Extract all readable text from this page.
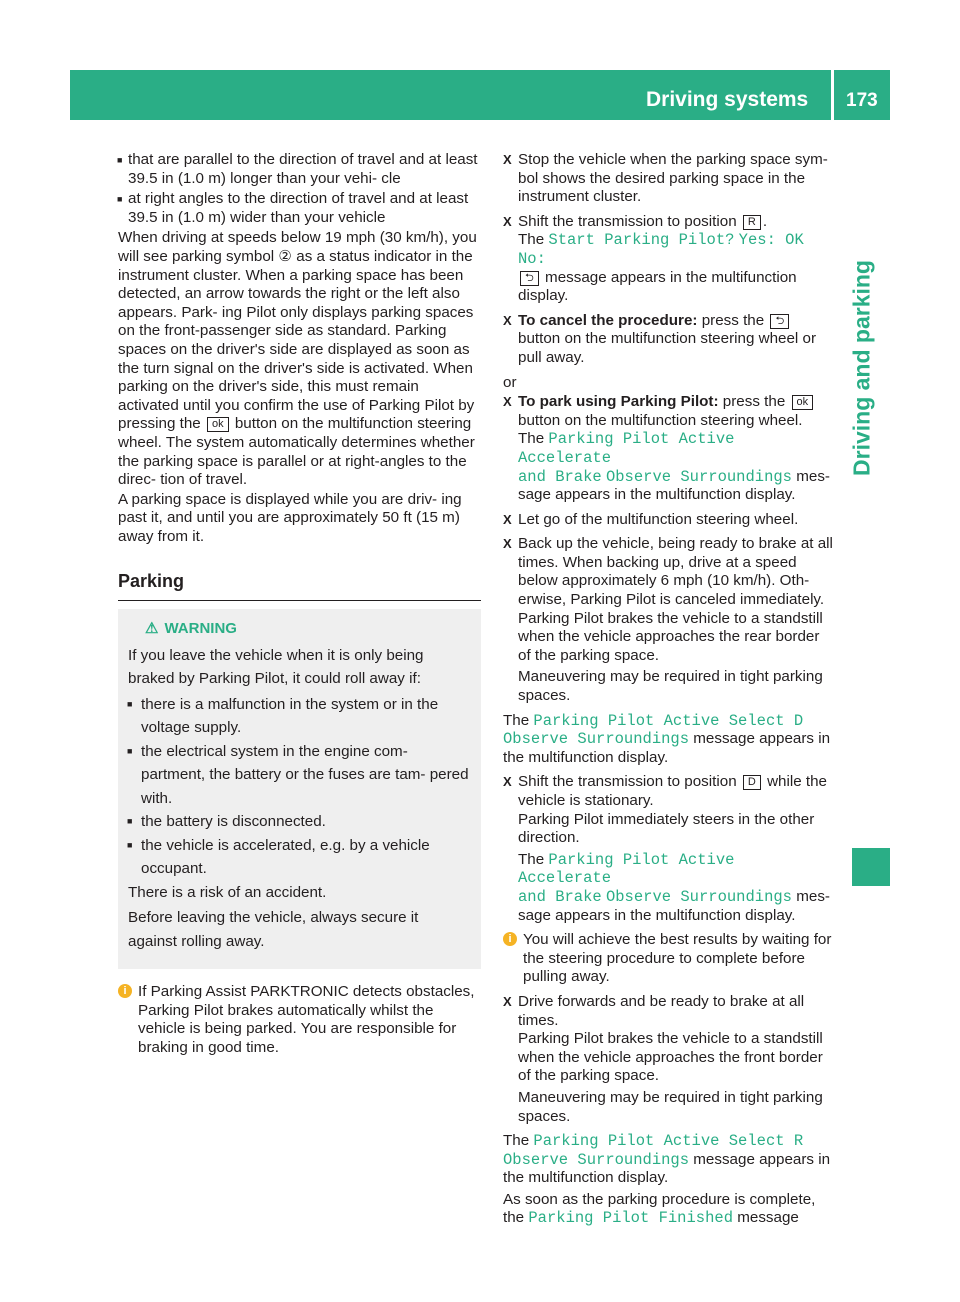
Driving systems 173
Driving and parking
■ that are parallel to the direction of travel and at least 39.5 in (1.0 m) longer than your vehi- cle
■ at right angles to the direction of travel and at least 39.5 in (1.0 m) wider than your vehicle
When driving at speeds below 19 mph (30 km/h), you will see parking symbol ② as a status indicator in the instrument cluster. When a parking space has been detected, an arrow towards the right or the left also appears. Park- ing Pilot only displays parking spaces on the front-passenger side as standard. Parking spaces on the driver's side are displayed as soon as the turn signal on the driver's side is activated. When parking on the driver's side, this must remain activated until you confirm the use of Parking Pilot by pressing the ok button on the multifunction steering wheel. The system automatically determines whether the parking space is parallel or at right-angles to the direc- tion of travel.
A parking space is displayed while you are driv- ing past it, and until you are approximately 50 ft (15 m) away from it.
Parking
⚠ WARNING
If you leave the vehicle when it is only being braked by Parking Pilot, it could roll away if:
■ there is a malfunction in the system or in the voltage supply.
■ the electrical system in the engine com- partment, the battery or the fuses are tam- pered with.
■ the battery is disconnected.
■ the vehicle is accelerated, e.g. by a vehicle occupant.
There is a risk of an accident.
Before leaving the vehicle, always secure it against rolling away.
i If Parking Assist PARKTRONIC detects obstacles, Parking Pilot brakes automatically whilst the vehicle is being parked. You are responsible for braking in good time.
X Stop the vehicle when the parking space sym- bol shows the desired parking space in the instrument cluster.
X Shift the transmission to position R .
The Start Parking Pilot? Yes: OK No:
⮌ message appears in the multifunction display.
X To cancel the procedure: press the ⮌ button on the multifunction steering wheel or pull away.
or
X To park using Parking Pilot: press the ok button on the multifunction steering wheel.
The Parking Pilot Active Accelerate
and Brake Observe Surroundings mes- sage appears in the multifunction display.
X Let go of the multifunction steering wheel.
X Back up the vehicle, being ready to brake at all times. When backing up, drive at a speed below approximately 6 mph (10 km/h). Oth- erwise, Parking Pilot is canceled immediately. Parking Pilot brakes the vehicle to a standstill when the vehicle approaches the rear border of the parking space.
Maneuvering may be required in tight parking spaces.
The Parking Pilot Active Select D
Observe Surroundings message appears in the multifunction display.
X Shift the transmission to position D while the vehicle is stationary.
Parking Pilot immediately steers in the other direction.
The Parking Pilot Active Accelerate
and Brake Observe Surroundings mes- sage appears in the multifunction display.
i You will achieve the best results by waiting for the steering procedure to complete before pulling away.
X Drive forwards and be ready to brake at all times.
Parking Pilot brakes the vehicle to a standstill when the vehicle approaches the front border of the parking space.
Maneuvering may be required in tight parking spaces.
The Parking Pilot Active Select R
Observe Surroundings message appears in the multifunction display.
As soon as the parking procedure is complete, the Parking Pilot Finished message
